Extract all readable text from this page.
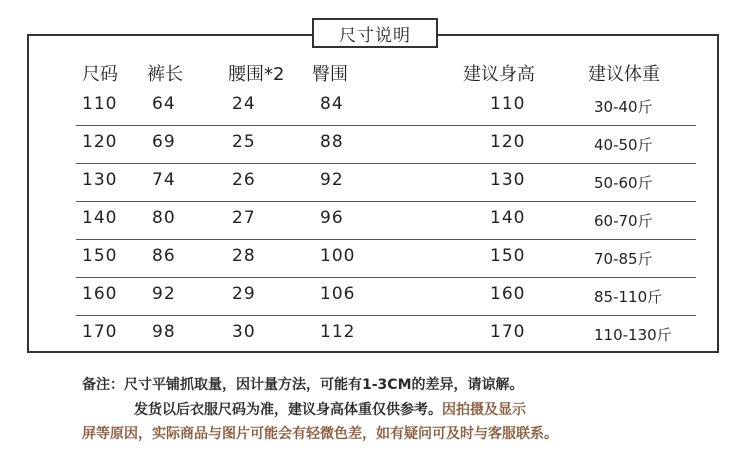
尺寸说明
尺码 裤长	腰围*2 臀围	建议身高	建议体重
110 64	24	84	110	30-40斤
120 69	25	88	120	40-50斤
130 74	26	92	130	50-60斤
140 80	27	96	140	60-70斤
150 86	28	100	150	70-85斤
160 92	29	106	160	85-110斤
170 98	30	112	170	110-130斤
备注：尺寸平铺抓取量，因计量方法，可能有1-3CM的差异，请谅解。
发货以后衣服尺码为准，建议身高体重仅供参考。因拍摄及显示
屏等原因，实际商品与图片可能会有轻微色差，如有疑问可及时与客服联系。
